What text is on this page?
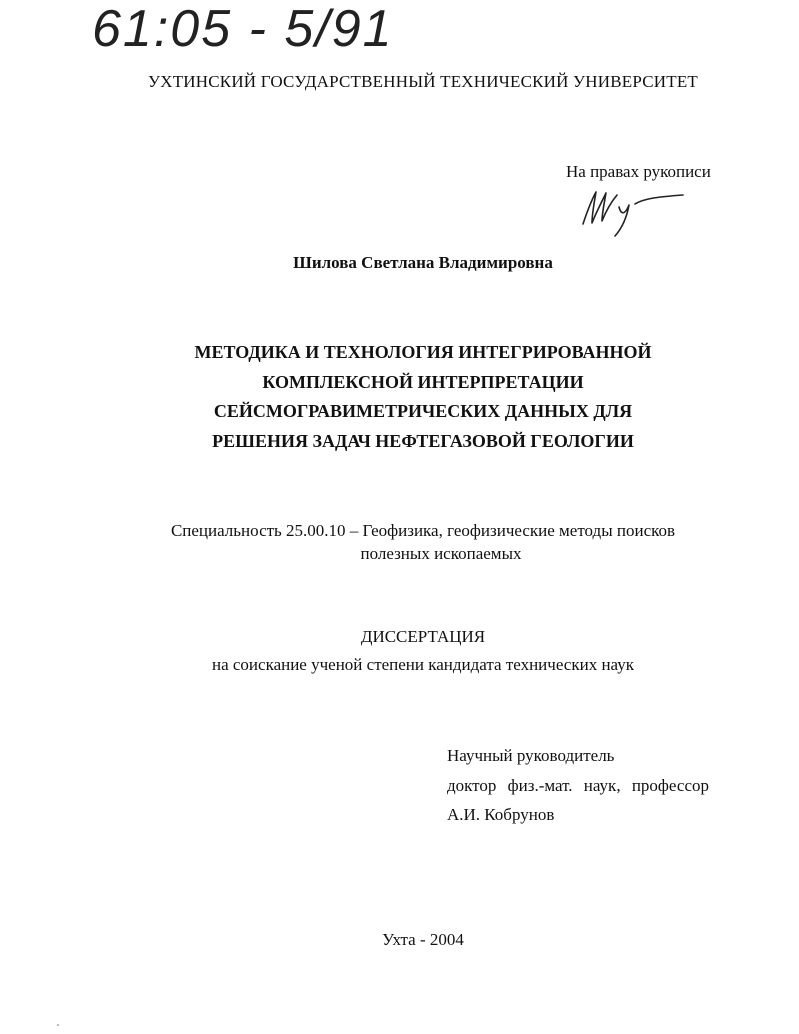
61:05 - 5/91
УХТИНСКИЙ ГОСУДАРСТВЕННЫЙ ТЕХНИЧЕСКИЙ УНИВЕРСИТЕТ
На правах рукописи
Шилова Светлана Владимировна
МЕТОДИКА И ТЕХНОЛОГИЯ ИНТЕГРИРОВАННОЙ
КОМПЛЕКСНОЙ ИНТЕРПРЕТАЦИИ
СЕЙСМОГРАВИМЕТРИЧЕСКИХ ДАННЫХ ДЛЯ
РЕШЕНИЯ ЗАДАЧ НЕФТЕГАЗОВОЙ ГЕОЛОГИИ
Специальность 25.00.10 – Геофизика, геофизические методы поисков
полезных ископаемых
ДИССЕРТАЦИЯ
на соискание ученой степени кандидата технических наук
Научный руководитель
доктор физ.-мат. наук, профессор
А.И. Кобрунов
Ухта - 2004
